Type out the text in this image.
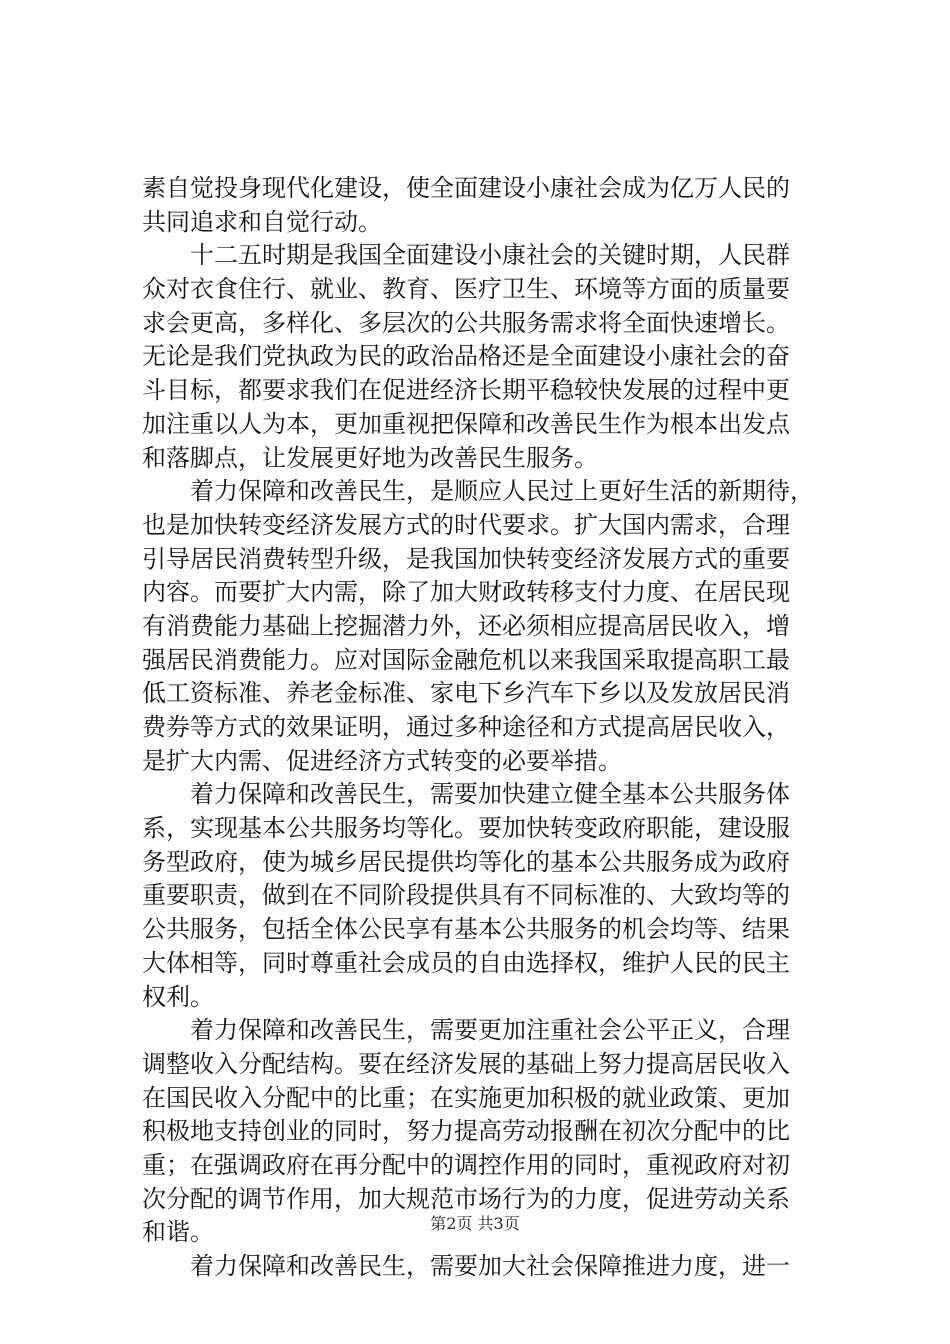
素自觉投身现代化建设，使全面建设小康社会成为亿万人民的
共同追求和自觉行动。
　　十二五时期是我国全面建设小康社会的关键时期，人民群
众对衣食住行、就业、教育、医疗卫生、环境等方面的质量要
求会更高，多样化、多层次的公共服务需求将全面快速增长。
无论是我们党执政为民的政治品格还是全面建设小康社会的奋
斗目标，都要求我们在促进经济长期平稳较快发展的过程中更
加注重以人为本，更加重视把保障和改善民生作为根本出发点
和落脚点，让发展更好地为改善民生服务。
　　着力保障和改善民生，是顺应人民过上更好生活的新期待，
也是加快转变经济发展方式的时代要求。扩大国内需求，合理
引导居民消费转型升级，是我国加快转变经济发展方式的重要
内容。而要扩大内需，除了加大财政转移支付力度、在居民现
有消费能力基础上挖掘潜力外，还必须相应提高居民收入，增
强居民消费能力。应对国际金融危机以来我国采取提高职工最
低工资标准、养老金标准、家电下乡汽车下乡以及发放居民消
费券等方式的效果证明，通过多种途径和方式提高居民收入，
是扩大内需、促进经济方式转变的必要举措。
　　着力保障和改善民生，需要加快建立健全基本公共服务体
系，实现基本公共服务均等化。要加快转变政府职能，建设服
务型政府，使为城乡居民提供均等化的基本公共服务成为政府
重要职责，做到在不同阶段提供具有不同标准的、大致均等的
公共服务，包括全体公民享有基本公共服务的机会均等、结果
大体相等，同时尊重社会成员的自由选择权，维护人民的民主
权利。
　　着力保障和改善民生，需要更加注重社会公平正义，合理
调整收入分配结构。要在经济发展的基础上努力提高居民收入
在国民收入分配中的比重；在实施更加积极的就业政策、更加
积极地支持创业的同时，努力提高劳动报酬在初次分配中的比
重；在强调政府在再分配中的调控作用的同时，重视政府对初
次分配的调节作用，加大规范市场行为的力度，促进劳动关系
和谐。
　　着力保障和改善民生，需要加大社会保障推进力度，进一
第2页 共3页
